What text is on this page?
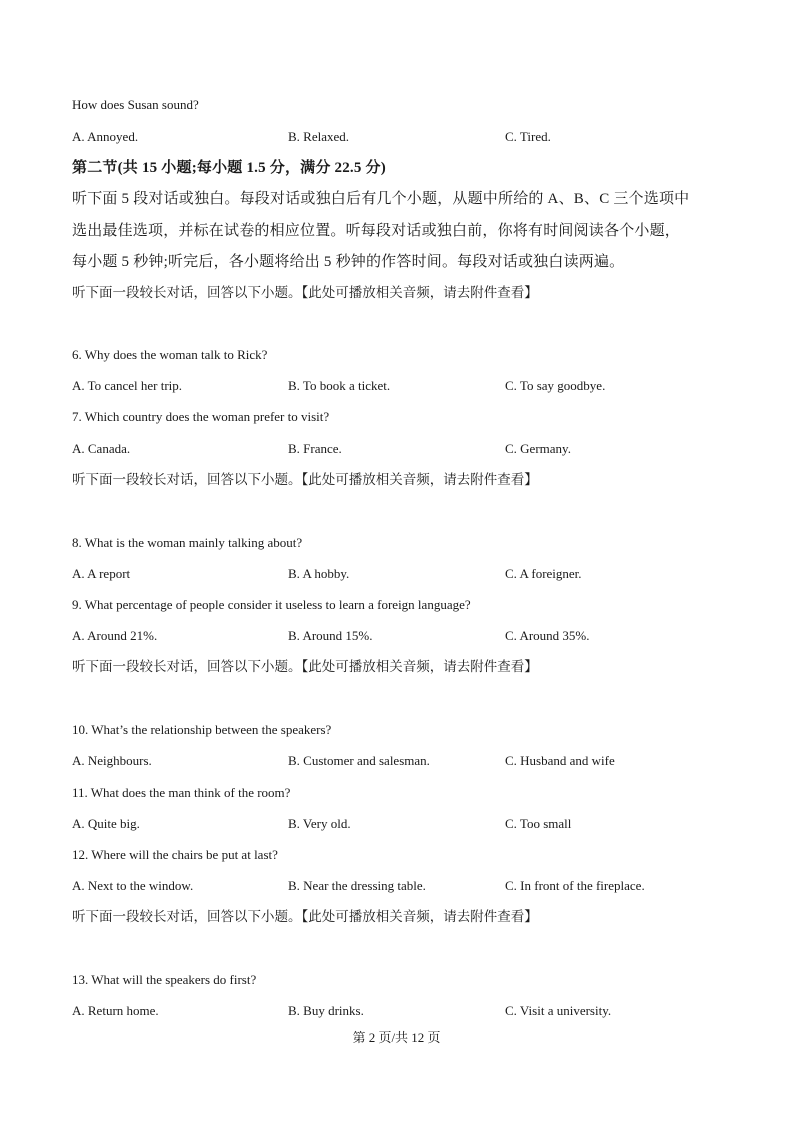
How does Susan sound?
A. Annoyed.	B. Relaxed.	C. Tired.
第二节(共 15 小题;每小题 1.5 分，满分 22.5 分)
听下面 5 段对话或独白。每段对话或独白后有几个小题，从题中所给的 A、B、C 三个选项中
选出最佳选项，并标在试卷的相应位置。听每段对话或独白前，你将有时间阅读各个小题，
每小题 5 秒钟;听完后，各小题将给出 5 秒钟的作答时间。每段对话或独白读两遍。
听下面一段较长对话，回答以下小题。【此处可播放相关音频，请去附件查看】
6. Why does the woman talk to Rick?
A. To cancel her trip.	B. To book a ticket.	C. To say goodbye.
7. Which country does the woman prefer to visit?
A. Canada.	B. France.	C. Germany.
听下面一段较长对话，回答以下小题。【此处可播放相关音频，请去附件查看】
8. What is the woman mainly talking about?
A. A report	B. A hobby.	C. A foreigner.
9. What percentage of people consider it useless to learn a foreign language?
A. Around 21%.	B. Around 15%.	C. Around 35%.
听下面一段较长对话，回答以下小题。【此处可播放相关音频，请去附件查看】
10. What’s the relationship between the speakers?
A. Neighbours.	B. Customer and salesman.	C. Husband and wife
11. What does the man think of the room?
A. Quite big.	B. Very old.	C. Too small
12. Where will the chairs be put at last?
A. Next to the window.	B. Near the dressing table.	C. In front of the fireplace.
听下面一段较长对话，回答以下小题。【此处可播放相关音频，请去附件查看】
13. What will the speakers do first?
A. Return home.	B. Buy drinks.	C. Visit a university.
第 2 页/共 12 页
